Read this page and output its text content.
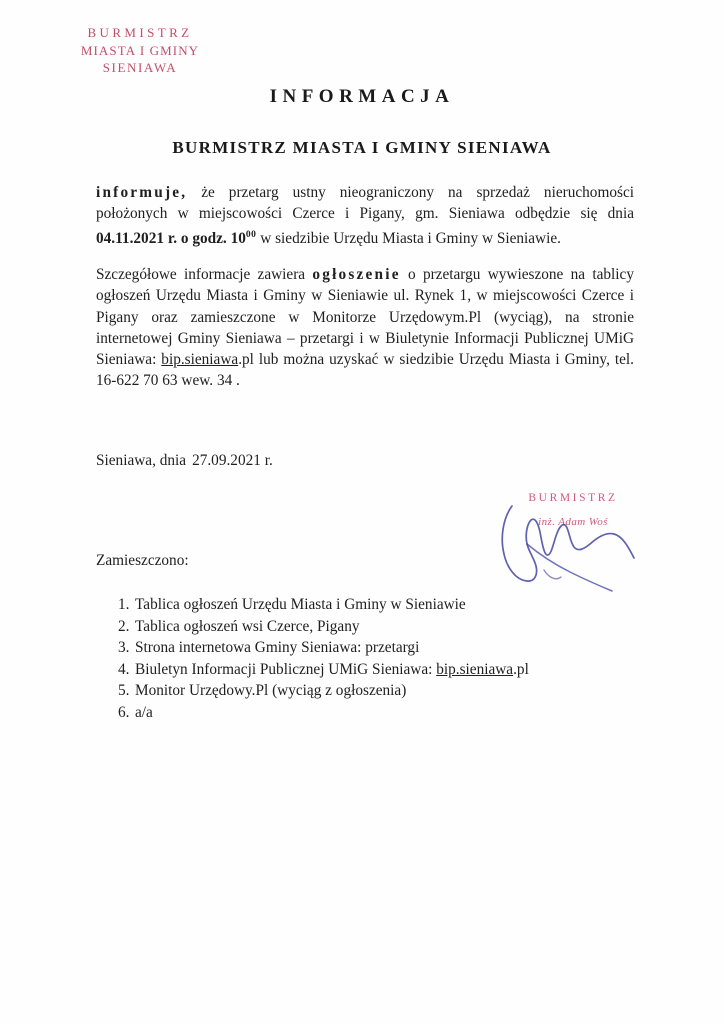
BURMISTRZ
MIASTA I GMINY
SIENIAWA
INFORMACJA
BURMISTRZ MIASTA I GMINY SIENIAWA
informuje, że przetarg ustny nieograniczony na sprzedaż nieruchomości położonych w miejscowości Czerce i Pigany, gm. Sieniawa odbędzie się dnia 04.11.2021 r. o godz. $10^{00}$ w siedzibie Urzędu Miasta i Gminy w Sieniawie.
Szczegółowe informacje zawiera ogłoszenie o przetargu wywieszone na tablicy ogłoszeń Urzędu Miasta i Gminy w Sieniawie ul. Rynek 1, w miejscowości Czerce i Pigany oraz zamieszczone w Monitorze Urzędowym.Pl (wyciąg), na stronie internetowej Gminy Sieniawa – przetargi i w Biuletynie Informacji Publicznej UMiG Sieniawa: bip.sieniawa.pl lub można uzyskać w siedzibie Urzędu Miasta i Gminy, tel. 16-622 70 63 wew. 34 .
Sieniawa, dnia 27.09.2021 r.
BURMISTRZ
inż. Adam Woś
Zamieszczono:
1. Tablica ogłoszeń Urzędu Miasta i Gminy w Sieniawie
2. Tablica ogłoszeń wsi Czerce, Pigany
3. Strona internetowa Gminy Sieniawa: przetargi
4. Biuletyn Informacji Publicznej UMiG Sieniawa: bip.sieniawa.pl
5. Monitor Urzędowy.Pl (wyciąg z ogłoszenia)
6. a/a
